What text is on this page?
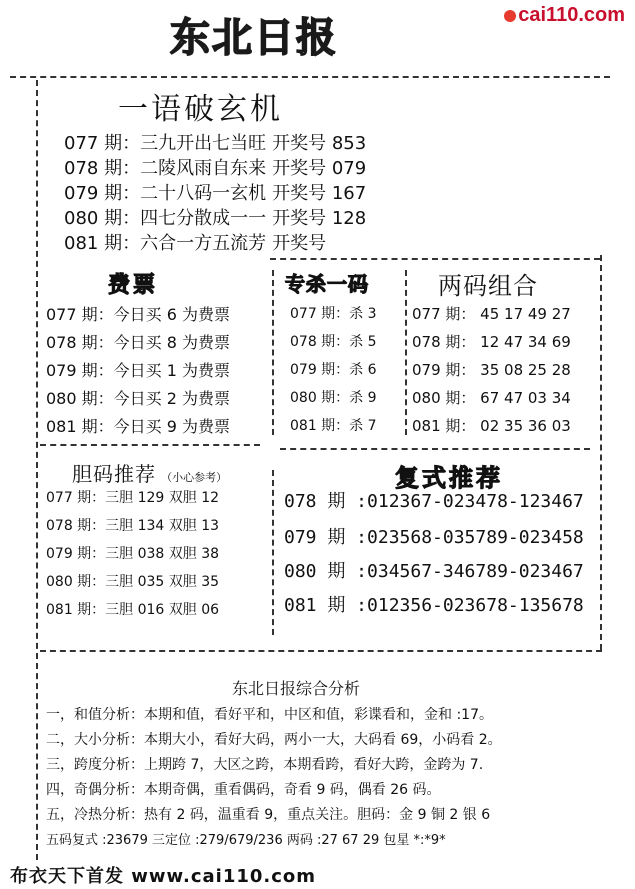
东北日报	cai110.com
一语破玄机
077 期：三九开出七当旺 开奖号 853
078 期：二陵风雨自东来 开奖号 079
079 期：二十八码一玄机 开奖号 167
080 期：四七分散成一一 开奖号 128
081 期：六合一方五流芳 开奖号
费票
077 期：今日买 6 为费票
078 期：今日买 8 为费票
079 期：今日买 1 为费票
080 期：今日买 2 为费票
081 期：今日买 9 为费票
专杀一码
077 期：杀 3
078 期：杀 5
079 期：杀 6
080 期：杀 9
081 期：杀 7
两码组合
077 期： 45 17 49 27
078 期： 12 47 34 69
079 期： 35 08 25 28
080 期： 67 47 03 34
081 期： 02 35 36 03
胆码推荐 （小心参考）
077 期：三胆 129 双胆 12
078 期：三胆 134 双胆 13
079 期：三胆 038 双胆 38
080 期：三胆 035 双胆 35
081 期：三胆 016 双胆 06
复式推荐
078 期 :012367-023478-123467
079 期 :023568-035789-023458
080 期 :034567-346789-023467
081 期 :012356-023678-135678
东北日报综合分析
一，和值分析：本期和值，看好平和，中区和值，彩谍看和，金和 :17。
二，大小分析：本期大小，看好大码，两小一大，大码看 69，小码看 2。
三，跨度分析：上期跨 7，大区之跨，本期看跨，看好大跨，金跨为 7.
四，奇偶分析：本期奇偶，重看偶码，奇看 9 码，偶看 26 码。
五，冷热分析：热有 2 码，温重看 9，重点关注。胆码：金 9 铜 2 银 6
五码复式 :23679 三定位 :279/679/236 两码 :27 67 29 包星 *:*9*
布衣天下首发 www.cai110.com
